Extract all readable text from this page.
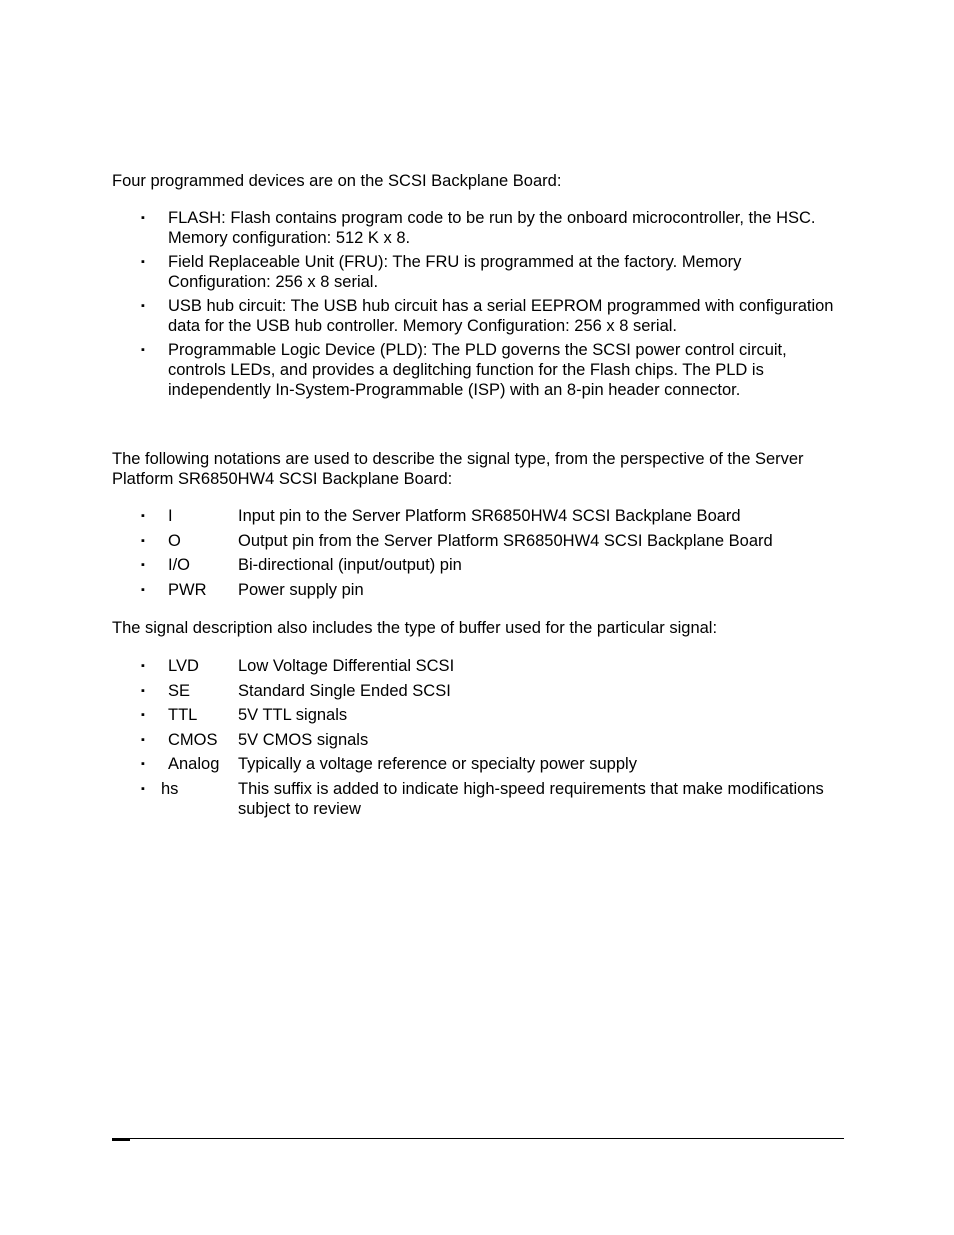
Four programmed devices are on the SCSI Backplane Board:

▪ FLASH: Flash contains program code to be run by the onboard microcontroller, the HSC. Memory configuration: 512 K x 8.
▪ Field Replaceable Unit (FRU): The FRU is programmed at the factory. Memory Configuration: 256 x 8 serial.
▪ USB hub circuit: The USB hub circuit has a serial EEPROM programmed with configuration data for the USB hub controller. Memory Configuration: 256 x 8 serial.
▪ Programmable Logic Device (PLD): The PLD governs the SCSI power control circuit, controls LEDs, and provides a deglitching function for the Flash chips. The PLD is independently In-System-Programmable (ISP) with an 8-pin header connector.

The following notations are used to describe the signal type, from the perspective of the Server Platform SR6850HW4 SCSI Backplane Board:

▪ I	Input pin to the Server Platform SR6850HW4 SCSI Backplane Board
▪ O	Output pin from the Server Platform SR6850HW4 SCSI Backplane Board
▪ I/O	Bi-directional (input/output) pin
▪ PWR Power supply pin

The signal description also includes the type of buffer used for the particular signal:

▪ LVD Low Voltage Differential SCSI
▪ SE	Standard Single Ended SCSI
▪ TTL 5V TTL signals
▪ CMOS 5V CMOS signals
▪ Analog Typically a voltage reference or specialty power supply
▪ hs	This suffix is added to indicate high-speed requirements that make modifications subject to review
